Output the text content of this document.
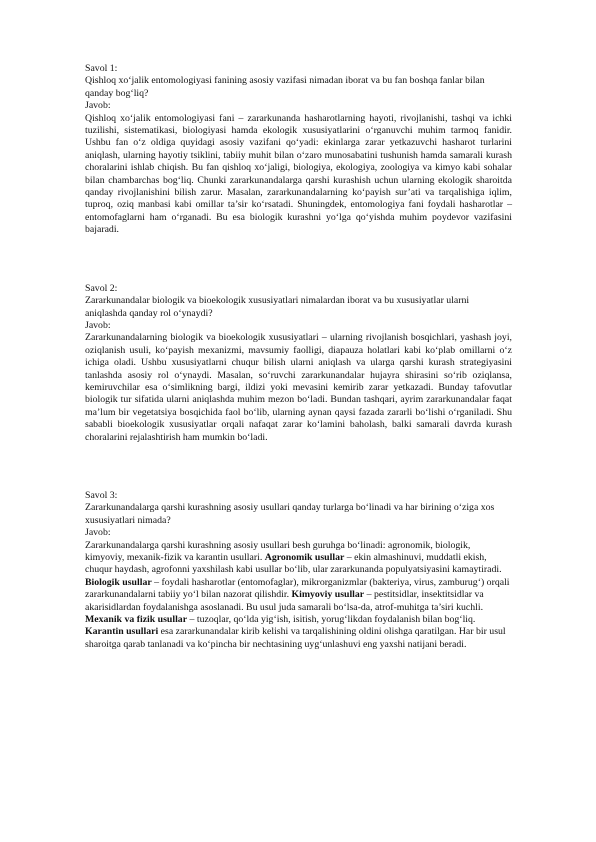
Savol 1:

Qishloq xo‘jalik entomologiyasi fanining asosiy vazifasi nimadan iborat va bu fan boshqa fanlar bilan qanday bog‘liq?

Javob:

Qishloq xo‘jalik entomologiyasi fani – zararkunanda hasharotlarning hayoti, rivojlanishi, tashqi va ichki tuzilishi, sistematikasi, biologiyasi hamda ekologik xususiyatlarini o‘rganuvchi muhim tarmoq fanidir. Ushbu fan o‘z oldiga quyidagi asosiy vazifani qo‘yadi: ekinlarga zarar yetkazuvchi hasharot turlarini aniqlash, ularning hayotiy tsiklini, tabiiy muhit bilan o‘zaro munosabatini tushunish hamda samarali kurash choralarini ishlab chiqish. Bu fan qishloq xo‘jaligi, biologiya, ekologiya, zoologiya va kimyo kabi sohalar bilan chambarchas bog‘liq. Chunki zararkunandalarga qarshi kurashish uchun ularning ekologik sharoitda qanday rivojlanishini bilish zarur. Masalan, zararkunandalarning ko‘payish sur’ati va tarqalishiga iqlim, tuproq, oziq manbasi kabi omillar ta’sir ko‘rsatadi. Shuningdek, entomologiya fani foydali hasharotlar – entomofaglarni ham o‘rganadi. Bu esa biologik kurashni yo‘lga qo‘yishda muhim poydevor vazifasini bajaradi.

Savol 2:

Zararkunandalar biologik va bioekologik xususiyatlari nimalardan iborat va bu xususiyatlar ularni aniqlashda qanday rol o‘ynaydi?

Javob:

Zararkunandalarning biologik va bioekologik xususiyatlari – ularning rivojlanish bosqichlari, yashash joyi, oziqlanish usuli, ko‘payish mexanizmi, mavsumiy faolligi, diapauza holatlari kabi ko‘plab omillarni o‘z ichiga oladi. Ushbu xususiyatlarni chuqur bilish ularni aniqlash va ularga qarshi kurash strategiyasini tanlashda asosiy rol o‘ynaydi. Masalan, so‘ruvchi zararkunandalar hujayra shirasini so‘rib oziqlansa, kemiruvchilar esa o‘simlikning bargi, ildizi yoki mevasini kemirib zarar yetkazadi. Bunday tafovutlar biologik tur sifatida ularni aniqlashda muhim mezon bo‘ladi. Bundan tashqari, ayrim zararkunandalar faqat ma’lum bir vegetatsiya bosqichida faol bo‘lib, ularning aynan qaysi fazada zararli bo‘lishi o‘rganiladi. Shu sababli bioekologik xususiyatlar orqali nafaqat zarar ko‘lamini baholash, balki samarali davrda kurash choralarini rejalashtirish ham mumkin bo‘ladi.

Savol 3:

Zararkunandalarga qarshi kurashning asosiy usullari qanday turlarga bo‘linadi va har birining o‘ziga xos xususiyatlari nimada?

Javob:

Zararkunandalarga qarshi kurashning asosiy usullari besh guruhga bo‘linadi: agronomik, biologik, kimyoviy, mexanik-fizik va karantin usullari. Agronomik usullar – ekin almashinuvi, muddatli ekish, chuqur haydash, agrofonni yaxshilash kabi usullar bo‘lib, ular zararkunanda populyatsiyasini kamaytiradi. Biologik usullar – foydali hasharotlar (entomofaglar), mikrorganizmlar (bakteriya, virus, zamburug‘) orqali zararkunandalarni tabiiy yo‘l bilan nazorat qilishdir. Kimyoviy usullar – pestitsidlar, insektitsidlar va akarisidlardan foydalanishga asoslanadi. Bu usul juda samarali bo‘lsa-da, atrof-muhitga ta’siri kuchli. Mexanik va fizik usullar – tuzoqlar, qo‘lda yig‘ish, isitish, yorug‘likdan foydalanish bilan bog‘liq. Karantin usullari esa zararkunandalar kirib kelishi va tarqalishining oldini olishga qaratilgan. Har bir usul sharoitga qarab tanlanadi va ko‘pincha bir nechtasining uyg‘unlashuvi eng yaxshi natijani beradi.
